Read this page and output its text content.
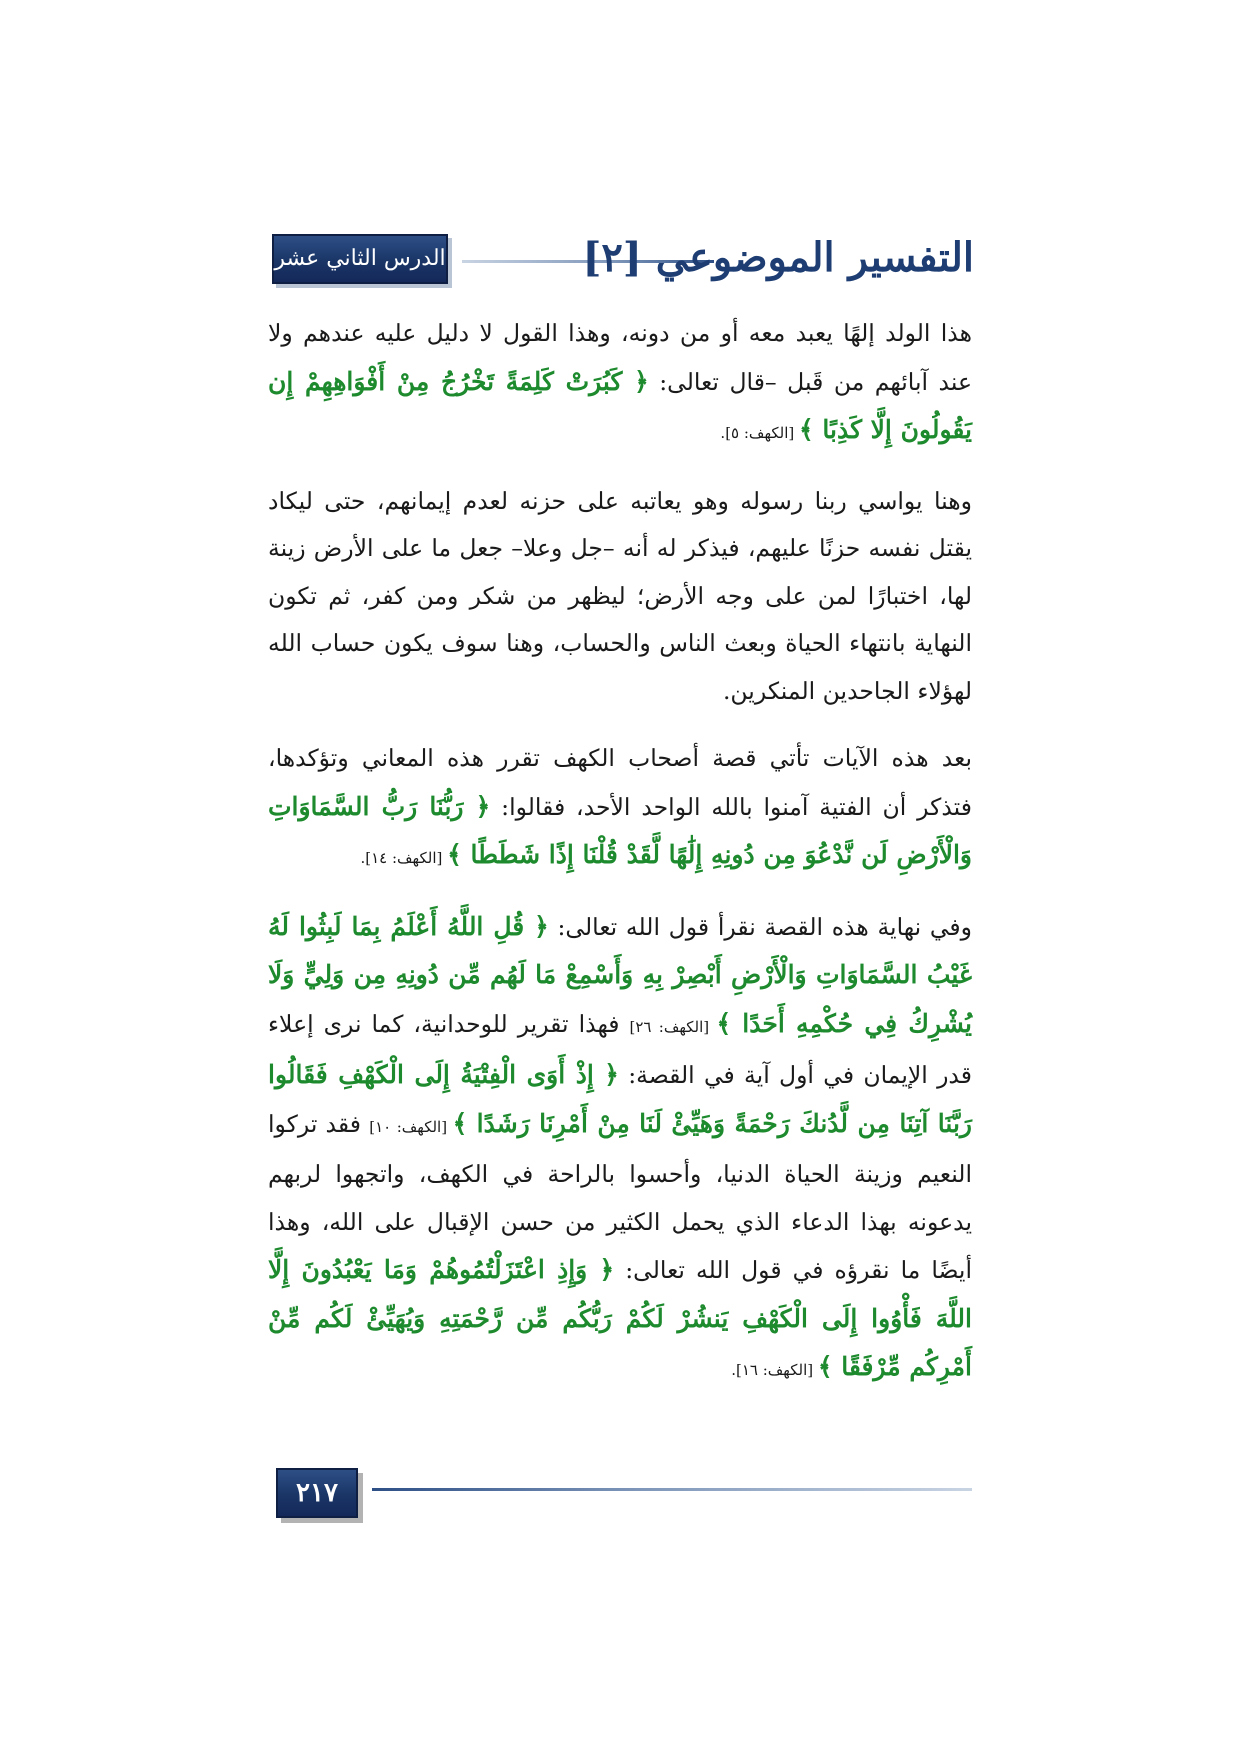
الدرس الثاني عشر	التفسير الموضوعي [٢]

هذا الولد إلهًا يعبد معه أو من دونه، وهذا القول لا دليل عليه عندهم ولا عند آبائهم من قَبل –قال تعالى: ﴿ كَبُرَتْ كَلِمَةً تَخْرُجُ مِنْ أَفْوَاهِهِمْ إِن يَقُولُونَ إِلَّا كَذِبًا ﴾ [الكهف: ٥].

وهنا يواسي ربنا رسوله وهو يعاتبه على حزنه لعدم إيمانهم، حتى ليكاد يقتل نفسه حزنًا عليهم، فيذكر له أنه –جل وعلا– جعل ما على الأرض زينة لها، اختبارًا لمن على وجه الأرض؛ ليظهر من شكر ومن كفر، ثم تكون النهاية بانتهاء الحياة وبعث الناس والحساب، وهنا سوف يكون حساب الله لهؤلاء الجاحدين المنكرين.

بعد هذه الآيات تأتي قصة أصحاب الكهف تقرر هذه المعاني وتؤكدها، فتذكر أن الفتية آمنوا بالله الواحد الأحد، فقالوا: ﴿ رَبُّنَا رَبُّ السَّمَاوَاتِ وَالْأَرْضِ لَن نَّدْعُوَ مِن دُونِهِ إِلَٰهًا لَّقَدْ قُلْنَا إِذًا شَطَطًا ﴾ [الكهف: ١٤].

وفي نهاية هذه القصة نقرأ قول الله تعالى: ﴿ قُلِ اللَّهُ أَعْلَمُ بِمَا لَبِثُوا لَهُ غَيْبُ السَّمَاوَاتِ وَالْأَرْضِ أَبْصِرْ بِهِ وَأَسْمِعْ مَا لَهُم مِّن دُونِهِ مِن وَلِيٍّ وَلَا يُشْرِكُ فِي حُكْمِهِ أَحَدًا ﴾ [الكهف: ٢٦] فهذا تقرير للوحدانية، كما نرى إعلاء قدر الإيمان في أول آية في القصة: ﴿ إِذْ أَوَى الْفِتْيَةُ إِلَى الْكَهْفِ فَقَالُوا رَبَّنَا آتِنَا مِن لَّدُنكَ رَحْمَةً وَهَيِّئْ لَنَا مِنْ أَمْرِنَا رَشَدًا ﴾ [الكهف: ١٠] فقد تركوا النعيم وزينة الحياة الدنيا، وأحسوا بالراحة في الكهف، واتجهوا لربهم يدعونه بهذا الدعاء الذي يحمل الكثير من حسن الإقبال على الله، وهذا أيضًا ما نقرؤه في قول الله تعالى: ﴿ وَإِذِ اعْتَزَلْتُمُوهُمْ وَمَا يَعْبُدُونَ إِلَّا اللَّهَ فَأْوُوا إِلَى الْكَهْفِ يَنشُرْ لَكُمْ رَبُّكُم مِّن رَّحْمَتِهِ وَيُهَيِّئْ لَكُم مِّنْ أَمْرِكُم مِّرْفَقًا ﴾ [الكهف: ١٦].

٢١٧
